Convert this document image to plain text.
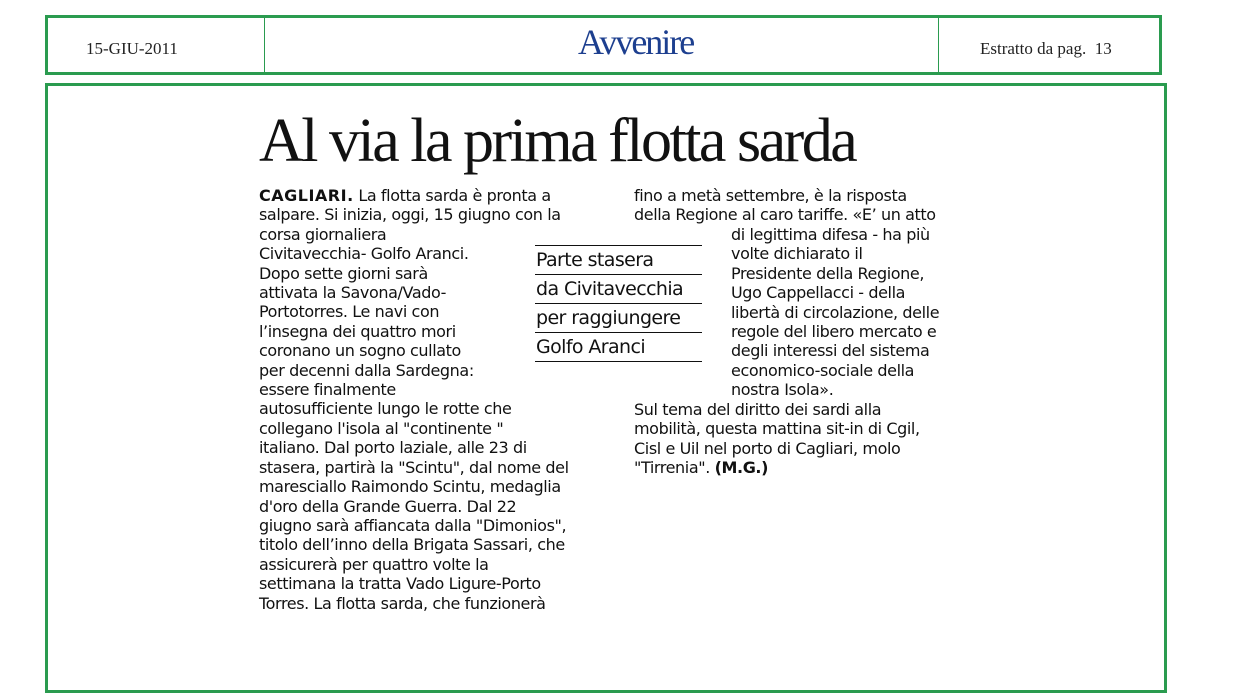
15-GIU-2011	Avvenire	Estratto da pag. 13
Al via la prima flotta sarda
CAGLIARI. La flotta sarda è pronta a
salpare. Si inizia, oggi, 15 giugno con la
corsa giornaliera
Civitavecchia- Golfo Aranci.
Dopo sette giorni sarà
attivata la Savona/Vado-
Portotorres. Le navi con
l’insegna dei quattro mori
coronano un sogno cullato
per decenni dalla Sardegna:
essere finalmente
autosufficiente lungo le rotte che
collegano l'isola al "continente "
italiano. Dal porto laziale, alle 23 di
stasera, partirà la "Scintu", dal nome del
maresciallo Raimondo Scintu, medaglia
d'oro della Grande Guerra. Dal 22
giugno sarà affiancata dalla "Dimonios",
titolo dell’inno della Brigata Sassari, che
assicurerà per quattro volte la
settimana la tratta Vado Ligure-Porto
Torres. La flotta sarda, che funzionerà
fino a metà settembre, è la risposta
della Regione al caro tariffe. «E’ un atto
di legittima difesa - ha più
volte dichiarato il
Presidente della Regione,
Ugo Cappellacci - della
libertà di circolazione, delle
regole del libero mercato e
degli interessi del sistema
economico-sociale della
nostra Isola».
Sul tema del diritto dei sardi alla
mobilità, questa mattina sit-in di Cgil,
Cisl e Uil nel porto di Cagliari, molo
"Tirrenia". (M.G.)
Parte stasera
da Civitavecchia
per raggiungere
Golfo Aranci
